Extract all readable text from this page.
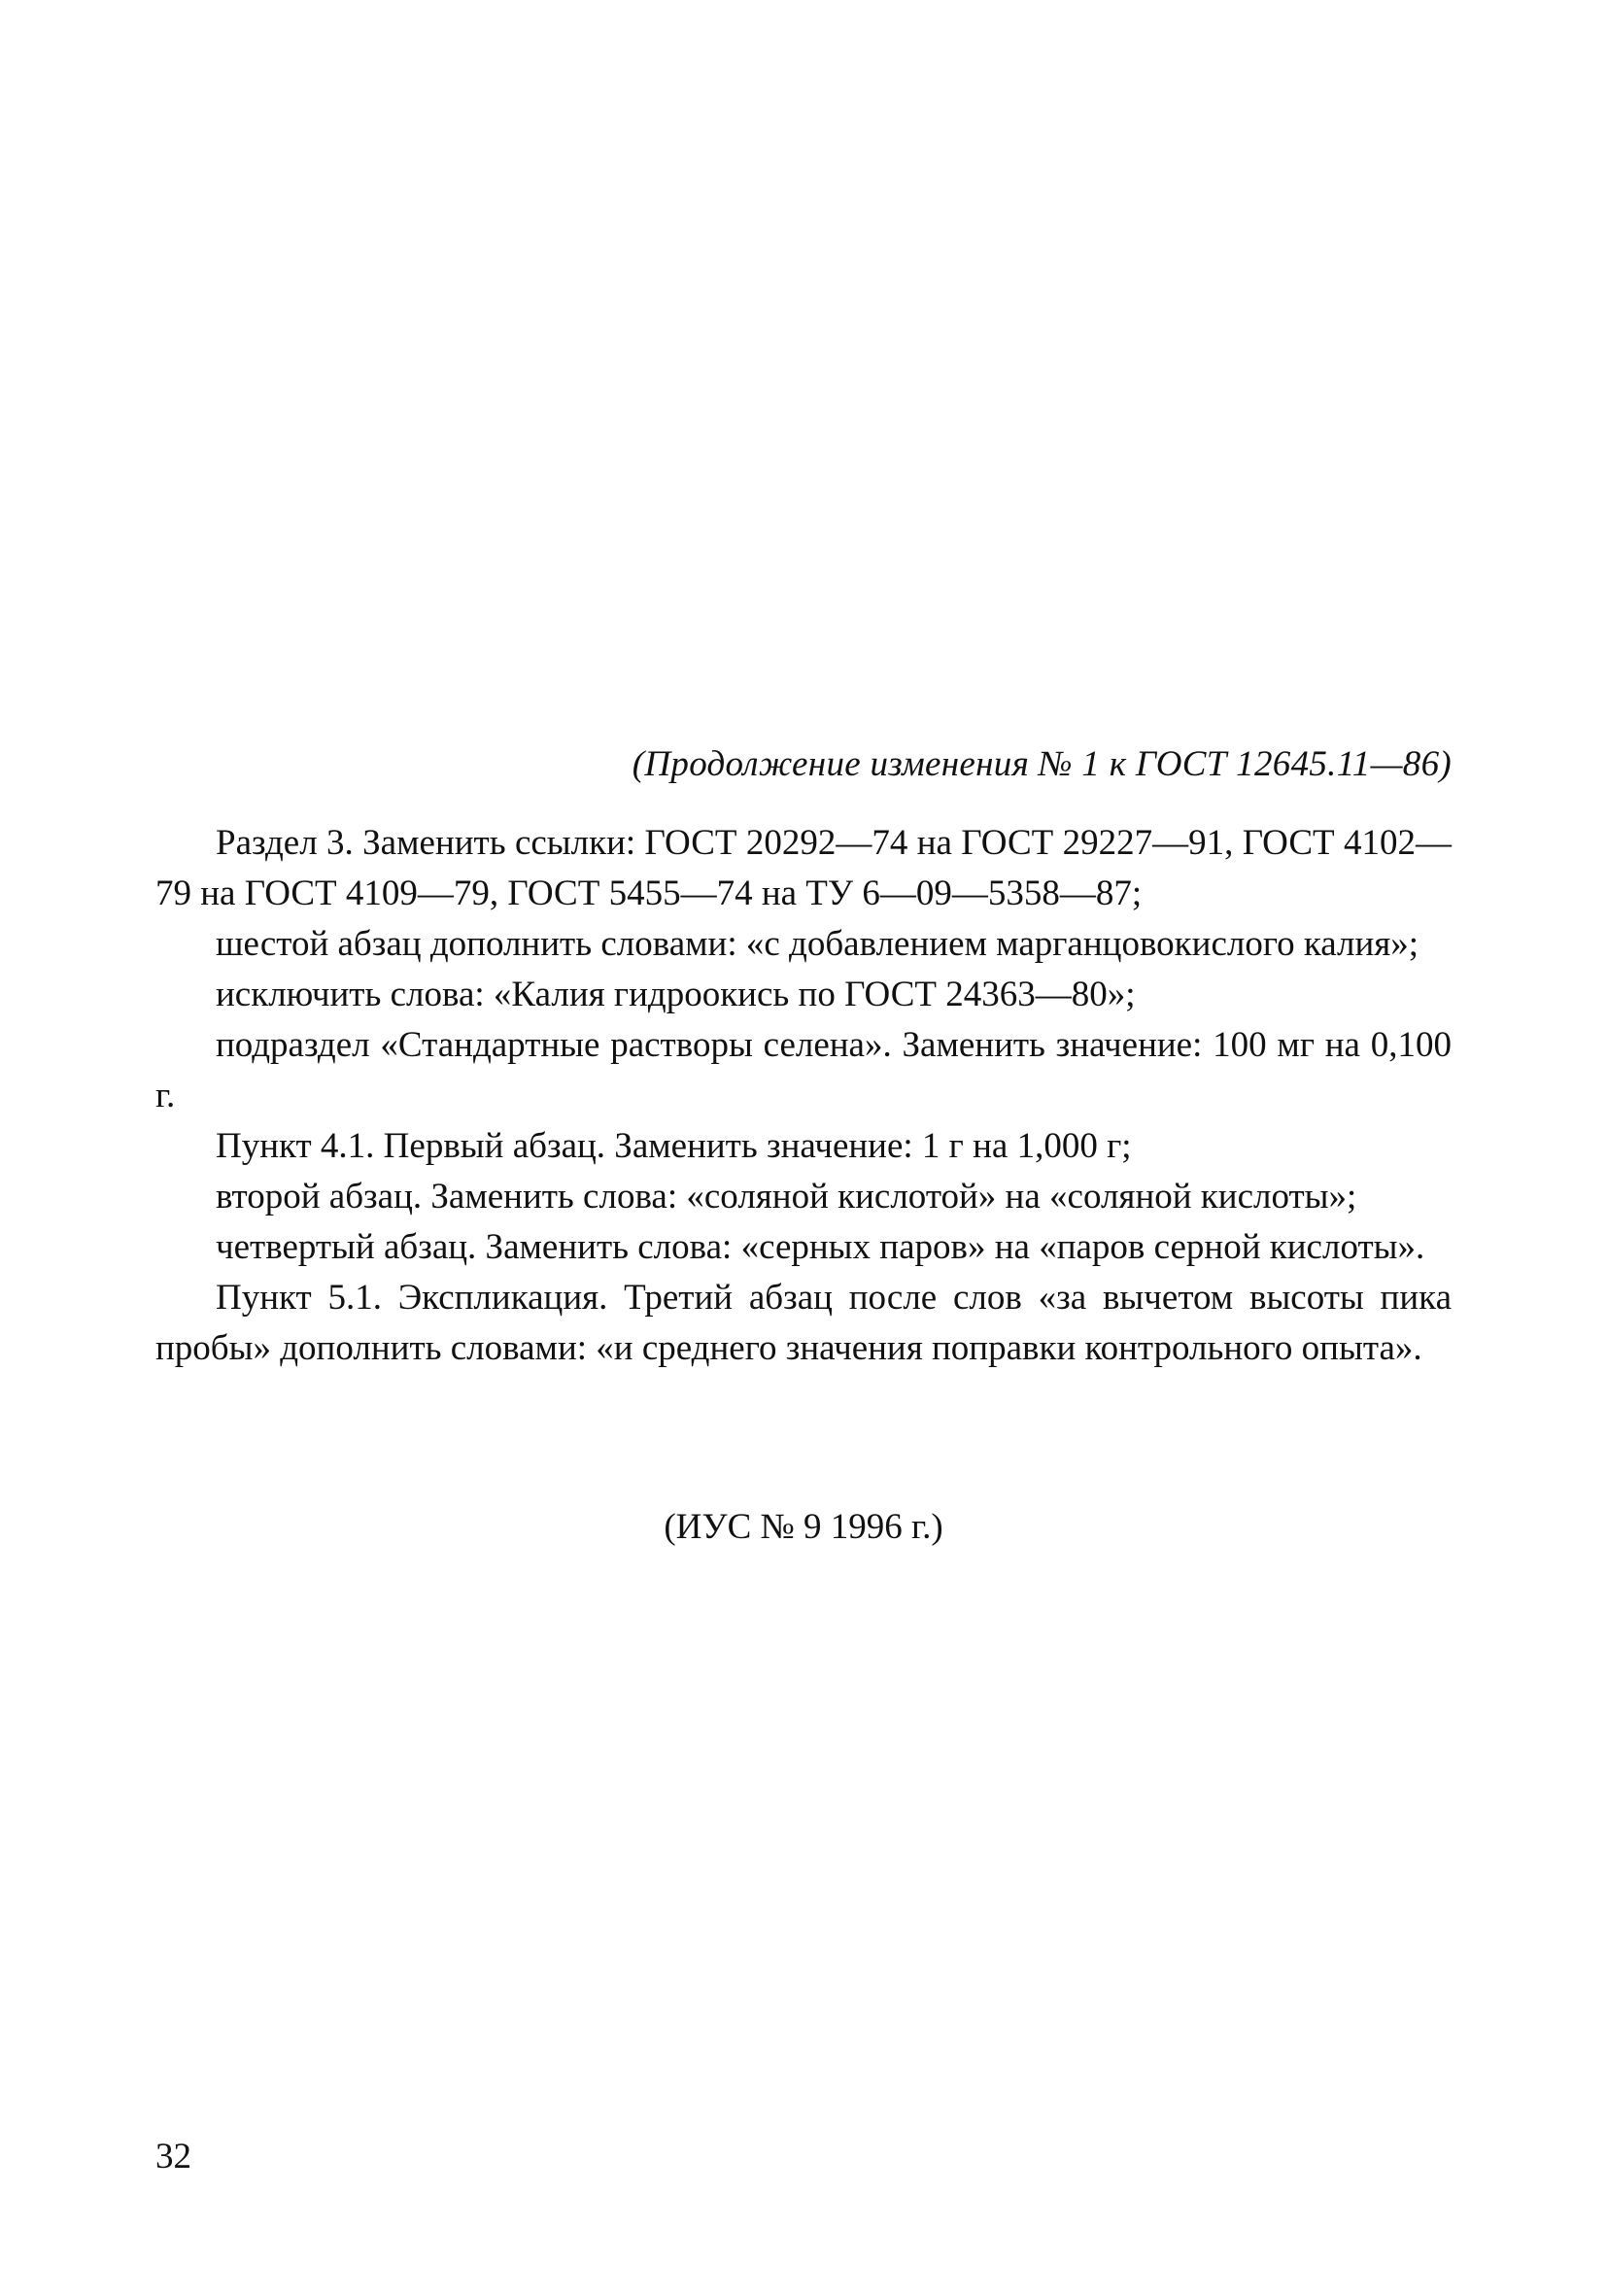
(Продолжение изменения № 1 к ГОСТ 12645.11—86)

Раздел 3. Заменить ссылки: ГОСТ 20292—74 на ГОСТ 29227—91, ГОСТ 4102—79 на ГОСТ 4109—79, ГОСТ 5455—74 на ТУ 6—09—5358—87;

шестой абзац дополнить словами: «с добавлением марганцовокислого калия»;

исключить слова: «Калия гидроокись по ГОСТ 24363—80»;

подраздел «Стандартные растворы селена». Заменить значение: 100 мг на 0,100 г.

Пункт 4.1. Первый абзац. Заменить значение: 1 г на 1,000 г;

второй абзац. Заменить слова: «соляной кислотой» на «соляной кислоты»;

четвертый абзац. Заменить слова: «серных паров» на «паров серной кислоты».

Пункт 5.1. Экспликация. Третий абзац после слов «за вычетом высоты пика пробы» дополнить словами: «и среднего значения поправки контрольного опыта».

(ИУС № 9 1996 г.)
32
